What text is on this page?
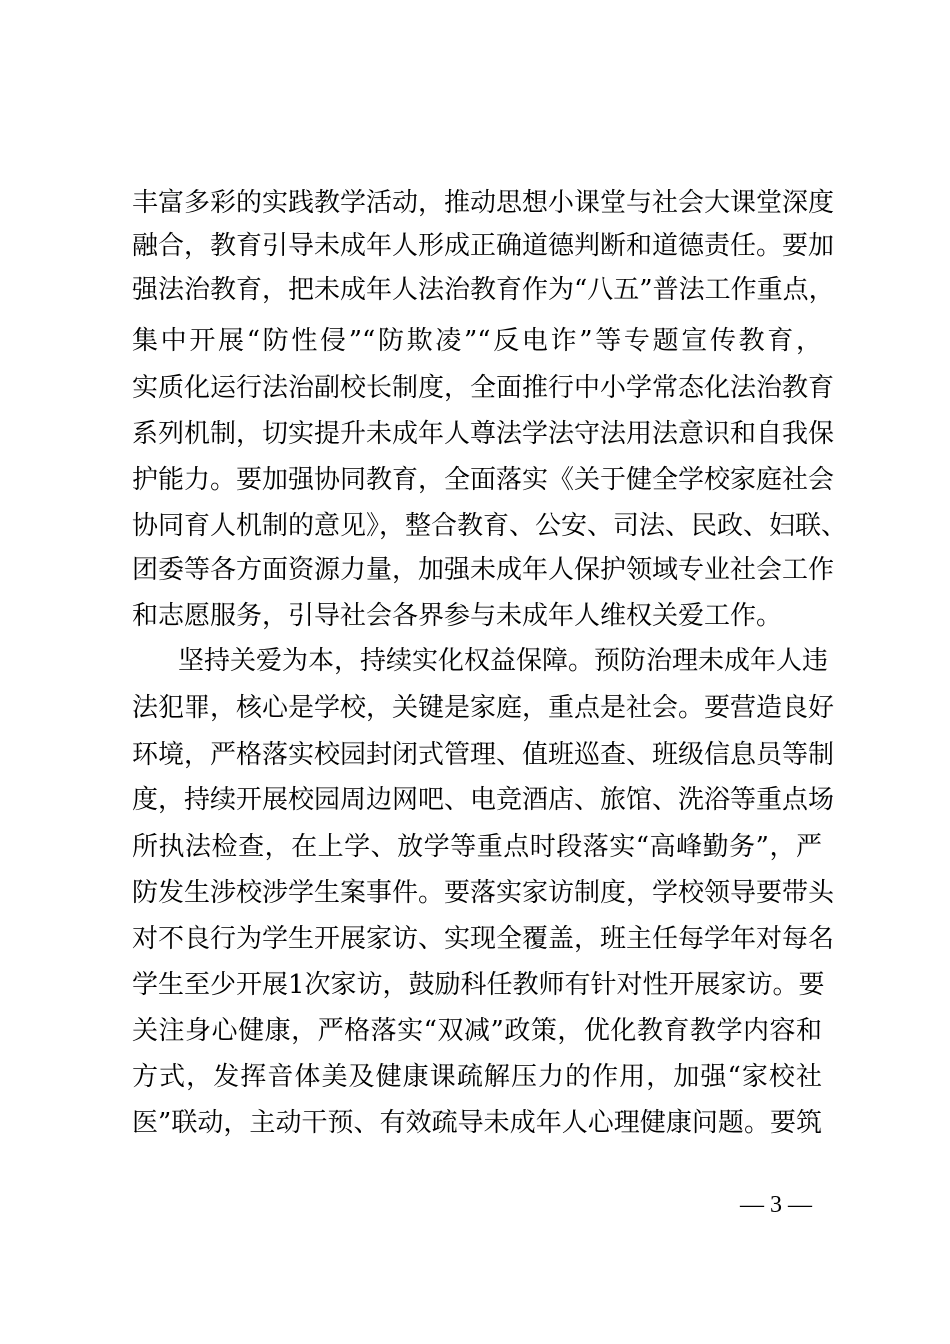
丰富多彩的实践教学活动，推动思想小课堂与社会大课堂深度
融合，教育引导未成年人形成正确道德判断和道德责任。要加
强法治教育，把未成年人法治教育作为“八五”普法工作重点，
集中开展“防性侵”“防欺凌”“反电诈”等专题宣传教育，
实质化运行法治副校长制度，全面推行中小学常态化法治教育
系列机制，切实提升未成年人尊法学法守法用法意识和自我保
护能力。要加强协同教育，全面落实《关于健全学校家庭社会
协同育人机制的意见》，整合教育、公安、司法、民政、妇联、
团委等各方面资源力量，加强未成年人保护领域专业社会工作
和志愿服务，引导社会各界参与未成年人维权关爱工作。
坚持关爱为本，持续实化权益保障。预防治理未成年人违
法犯罪，核心是学校，关键是家庭，重点是社会。要营造良好
环境，严格落实校园封闭式管理、值班巡查、班级信息员等制
度，持续开展校园周边网吧、电竞酒店、旅馆、洗浴等重点场
所执法检查，在上学、放学等重点时段落实“高峰勤务”，严
防发生涉校涉学生案事件。要落实家访制度，学校领导要带头
对不良行为学生开展家访、实现全覆盖，班主任每学年对每名
学生至少开展1次家访，鼓励科任教师有针对性开展家访。要
关注身心健康，严格落实“双减”政策，优化教育教学内容和
方式，发挥音体美及健康课疏解压力的作用，加强“家校社
医”联动，主动干预、有效疏导未成年人心理健康问题。要筑
— 3 —
